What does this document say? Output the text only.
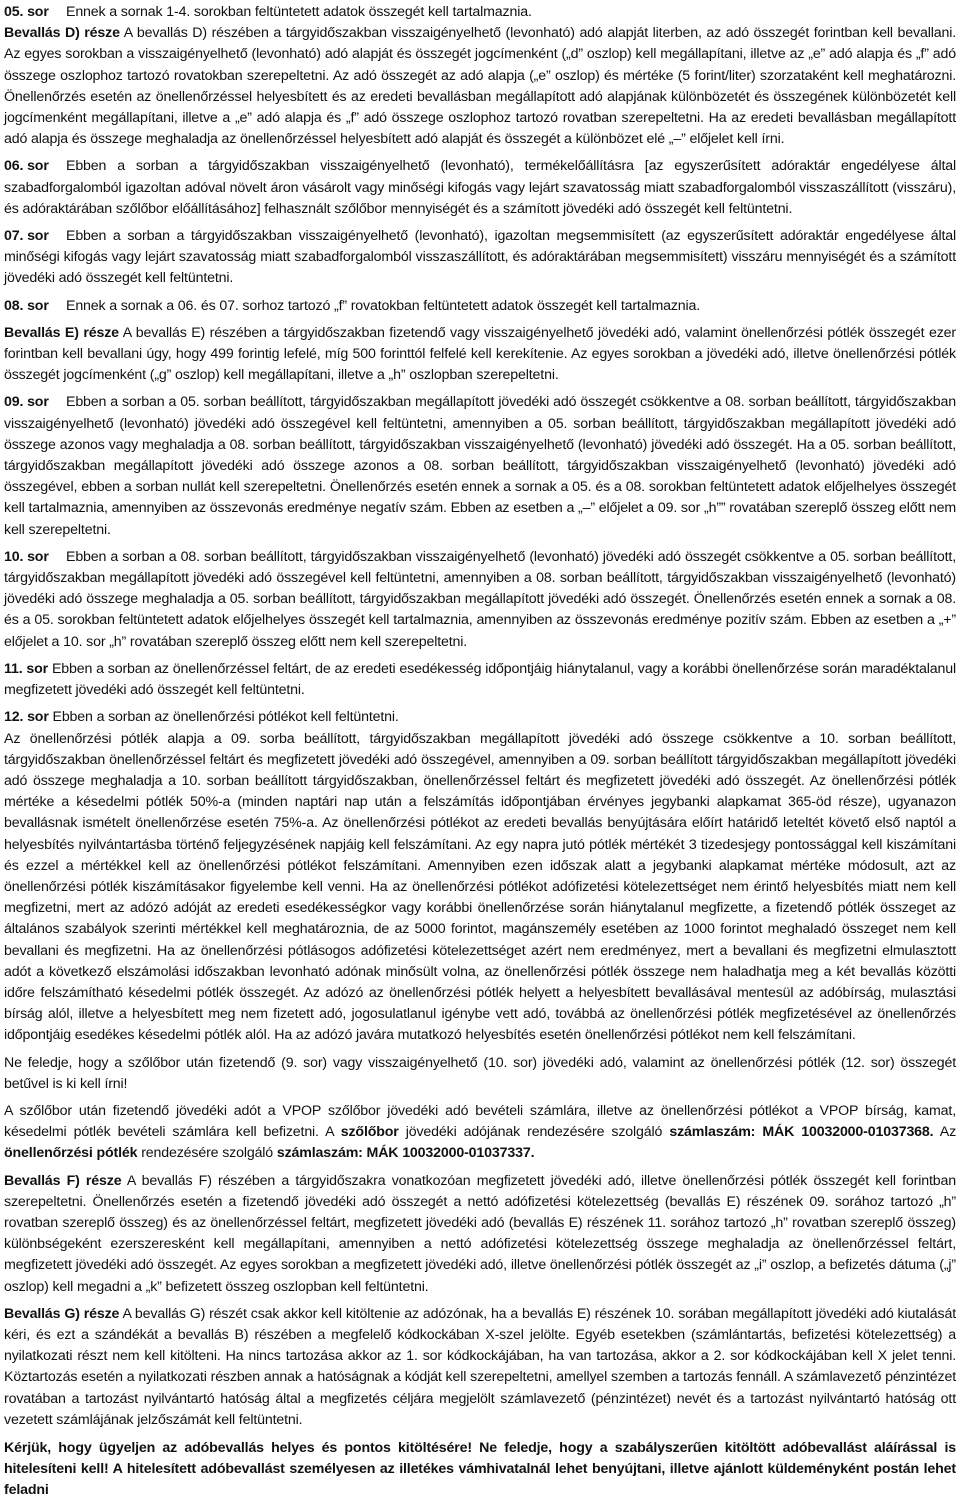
05. sor Ennek a sornak 1-4. sorokban feltüntetett adatok összegét kell tartalmaznia.

Bevallás D) része A bevallás D) részében a tárgyidőszakban visszaigényelhető (levonható) adó alapját literben, az adó összegét forintban kell bevallani. Az egyes sorokban a visszaigényelhető (levonható) adó alapját és összegét jogcímenként („d” oszlop) kell megállapítani, illetve az „e” adó alapja és „f” adó összege oszlophoz tartozó rovatokban szerepeltetni. Az adó összegét az adó alapja („e” oszlop) és mértéke (5 forint/liter) szorzataként kell meghatározni. Önellenőrzés esetén az önellenőrzéssel helyesbített és az eredeti bevallásban megállapított adó alapjának különbözetét és összegének különbözetét kell jogcímenként megállapítani, illetve a „e” adó alapja és „f” adó összege oszlophoz tartozó rovatban szerepeltetni. Ha az eredeti bevallásban megállapított adó alapja és összege meghaladja az önellenőrzéssel helyesbített adó alapját és összegét a különbözet elé „–” előjelet kell írni.

06. sor Ebben a sorban a tárgyidőszakban visszaigényelhető (levonható), termékelőállításra [az egyszerűsített adóraktár engedélyese által szabadforgalomból igazoltan adóval növelt áron vásárolt vagy minőségi kifogás vagy lejárt szavatosság miatt szabadforgalomból visszaszállított (visszáru), és adóraktárában szőlőbor előállításához] felhasznált szőlőbor mennyiségét és a számított jövedéki adó összegét kell feltüntetni.

07. sor Ebben a sorban a tárgyidőszakban visszaigényelhető (levonható), igazoltan megsemmisített (az egyszerűsített adóraktár engedélyese által minőségi kifogás vagy lejárt szavatosság miatt szabadforgalomból visszaszállított, és adóraktárában megsemmisített) visszáru mennyiségét és a számított jövedéki adó összegét kell feltüntetni.

08. sor Ennek a sornak a 06. és 07. sorhoz tartozó „f” rovatokban feltüntetett adatok összegét kell tartalmaznia.

Bevallás E) része A bevallás E) részében a tárgyidőszakban fizetendő vagy visszaigényelhető jövedéki adó, valamint önellenőrzési pótlék összegét ezer forintban kell bevallani úgy, hogy 499 forintig lefelé, míg 500 forinttól felfelé kell kerekítenie. Az egyes sorokban a jövedéki adó, illetve önellenőrzési pótlék összegét jogcímenként („g” oszlop) kell megállapítani, illetve a „h” oszlopban szerepeltetni.

09. sor Ebben a sorban a 05. sorban beállított, tárgyidőszakban megállapított jövedéki adó összegét csökkentve a 08. sorban beállított, tárgyidőszakban visszaigényelhető (levonható) jövedéki adó összegével kell feltüntetni, amennyiben a 05. sorban beállított, tárgyidőszakban megállapított jövedéki adó összege azonos vagy meghaladja a 08. sorban beállított, tárgyidőszakban visszaigényelhető (levonható) jövedéki adó összegét. Ha a 05. sorban beállított, tárgyidőszakban megállapított jövedéki adó összege azonos a 08. sorban beállított, tárgyidőszakban visszaigényelhető (levonható) jövedéki adó összegével, ebben a sorban nullát kell szerepeltetni. Önellenőrzés esetén ennek a sornak a 05. és a 08. sorokban feltüntetett adatok előjelhelyes összegét kell tartalmaznia, amennyiben az összevonás eredménye negatív szám. Ebben az esetben a „–” előjelet a 09. sor „h”” rovatában szereplő összeg előtt nem kell szerepeltetni.

10. sor Ebben a sorban a 08. sorban beállított, tárgyidőszakban visszaigényelhető (levonható) jövedéki adó összegét csökkentve a 05. sorban beállított, tárgyidőszakban megállapított jövedéki adó összegével kell feltüntetni, amennyiben a 08. sorban beállított, tárgyidőszakban visszaigényelhető (levonható) jövedéki adó összege meghaladja a 05. sorban beállított, tárgyidőszakban megállapított jövedéki adó összegét. Önellenőrzés esetén ennek a sornak a 08. és a 05. sorokban feltüntetett adatok előjelhelyes összegét kell tartalmaznia, amennyiben az összevonás eredménye pozitív szám. Ebben az esetben a „+” előjelet a 10. sor „h” rovatában szereplő összeg előtt nem kell szerepeltetni.

11. sor Ebben a sorban az önellenőrzéssel feltárt, de az eredeti esedékesség időpontjáig hiánytalanul, vagy a korábbi önellenőrzése során maradéktalanul megfizetett jövedéki adó összegét kell feltüntetni.

12. sor Ebben a sorban az önellenőrzési pótlékot kell feltüntetni.

Az önellenőrzési pótlék alapja a 09. sorba beállított, tárgyidőszakban megállapított jövedéki adó összege csökkentve a 10. sorban beállított, tárgyidőszakban önellenőrzéssel feltárt és megfizetett jövedéki adó összegével, amennyiben a 09. sorban beállított tárgyidőszakban megállapított jövedéki adó összege meghaladja a 10. sorban beállított tárgyidőszakban, önellenőrzéssel feltárt és megfizetett jövedéki adó összegét. Az önellenőrzési pótlék mértéke a késedelmi pótlék 50%-a (minden naptári nap után a felszámítás időpontjában érvényes jegybanki alapkamat 365-öd része), ugyanazon bevallásnak ismételt önellenőrzése esetén 75%-a. Az önellenőrzési pótlékot az eredeti bevallás benyújtására előírt határidő leteltét követő első naptól a helyesbítés nyilvántartásba történő feljegyzésének napjáig kell felszámítani. Az egy napra jutó pótlék mértékét 3 tizedesjegy pontossággal kell kiszámítani és ezzel a mértékkel kell az önellenőrzési pótlékot felszámítani. Amennyiben ezen időszak alatt a jegybanki alapkamat mértéke módosult, azt az önellenőrzési pótlék kiszámításakor figyelembe kell venni. Ha az önellenőrzési pótlékot adófizetési kötelezettséget nem érintő helyesbítés miatt nem kell megfizetni, mert az adózó adóját az eredeti esedékességkor vagy korábbi önellenőrzése során hiánytalanul megfizette, a fizetendő pótlék összeget az általános szabályok szerinti mértékkel kell meghatároznia, de az 5000 forintot, magánszemély esetében az 1000 forintot meghaladó összeget nem kell bevallani és megfizetni. Ha az önellenőrzési pótlásogos adófizetési kötelezettséget azért nem eredményez, mert a bevallani és megfizetni elmulasztott adót a következő elszámolási időszakban levonható adónak minősült volna, az önellenőrzési pótlék összege nem haladhatja meg a két bevallás közötti időre felszámítható késedelmi pótlék összegét. Az adózó az önellenőrzési pótlék helyett a helyesbített bevallásával mentesül az adóbírság, mulasztási bírság alól, illetve a helyesbített meg nem fizetett adó, jogosulatlanul igénybe vett adó, továbbá az önellenőrzési pótlék megfizetésével az önellenőrzés időpontjáig esedékes késedelmi pótlék alól. Ha az adózó javára mutatkozó helyesbítés esetén önellenőrzési pótlékot nem kell felszámítani.

Ne feledje, hogy a szőlőbor után fizetendő (9. sor) vagy visszaigényelhető (10. sor) jövedéki adó, valamint az önellenőrzési pótlék (12. sor) összegét betűvel is ki kell írni!

A szőlőbor után fizetendő jövedéki adót a VPOP szőlőbor jövedéki adó bevételi számlára, illetve az önellenőrzési pótlékot a VPOP bírság, kamat, késedelmi pótlék bevételi számlára kell befizetni. A szőlőbor jövedéki adójának rendezésére szolgáló számlaszám: MÁK 10032000-01037368. Az önellenőrzési pótlék rendezésére szolgáló számlaszám: MÁK 10032000-01037337.

Bevallás F) része A bevallás F) részében a tárgyidőszakra vonatkozóan megfizetett jövedéki adó, illetve önellenőrzési pótlék összegét kell forintban szerepeltetni. Önellenőrzés esetén a fizetendő jövedéki adó összegét a nettó adófizetési kötelezettség (bevallás E) részének 09. sorához tartozó „h” rovatban szereplő összeg) és az önellenőrzéssel feltárt, megfizetett jövedéki adó (bevallás E) részének 11. sorához tartozó „h” rovatban szereplő összeg) különbségeként ezerszeresként kell megállapítani, amennyiben a nettó adófizetési kötelezettség összege meghaladja az önellenőrzéssel feltárt, megfizetett jövedéki adó összegét. Az egyes sorokban a megfizetett jövedéki adó, illetve önellenőrzési pótlék összegét az „i” oszlop, a befizetés dátuma („j” oszlop) kell megadni a „k” befizetett összeg oszlopban kell feltüntetni.

Bevallás G) része A bevallás G) részét csak akkor kell kitöltenie az adózónak, ha a bevallás E) részének 10. sorában megállapított jövedéki adó kiutalását kéri, és ezt a szándékát a bevallás B) részében a megfelelő kódkockában X-szel jelölte. Egyéb esetekben (számlántartás, befizetési kötelezettség) a nyilatkozati részt nem kell kitölteni. Ha nincs tartozása akkor az 1. sor kódkockájában, ha van tartozása, akkor a 2. sor kódkockájában kell X jelet tenni. Köztartozás esetén a nyilatkozati részben annak a hatóságnak a kódját kell szerepeltetni, amellyel szemben a tartozás fennáll. A számlavezető pénzintézet rovatában a tartozást nyilvántartó hatóság által a megfizetés céljára megjelölt számlavezető (pénzintézet) nevét és a tartozást nyilvántartó hatóság ott vezetett számlájának jelzőszámát kell feltüntetni.

Kérjük, hogy ügyeljen az adóbevallás helyes és pontos kitöltésére! Ne feledje, hogy a szabályszerűen kitöltött adóbevallást aláírással is hitelesíteni kell! A hitelesített adóbevallást személyesen az illetékes vámhivatalnál lehet benyújtani, illetve ajánlott küldeményként postán lehet feladni
